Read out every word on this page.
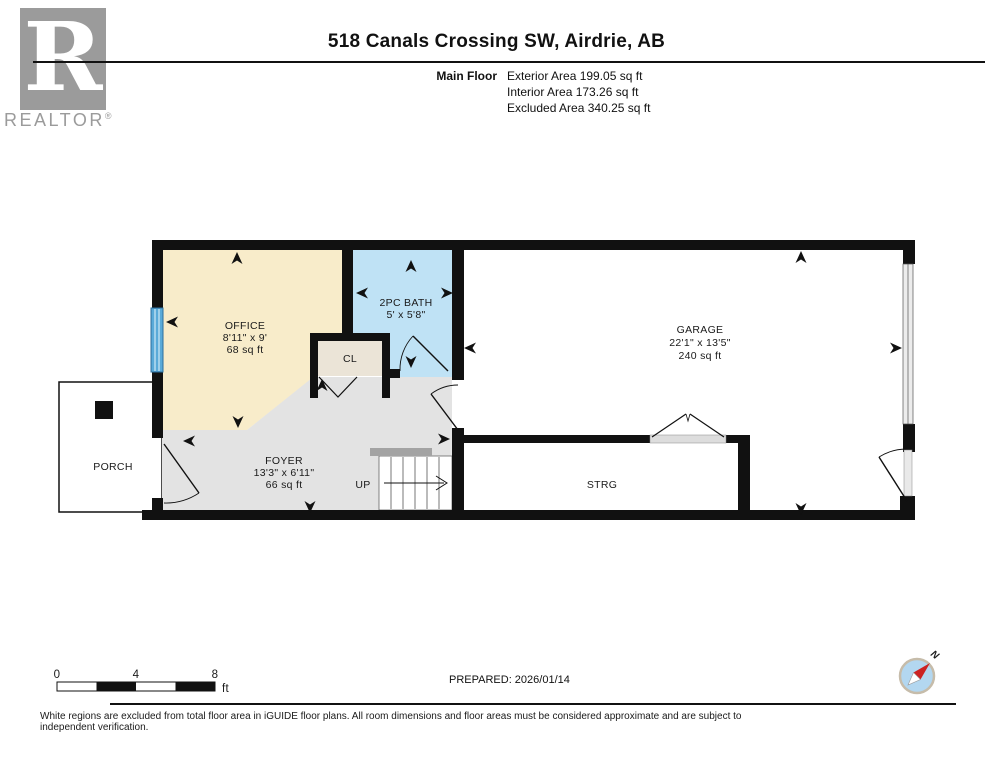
OFFICE
8'11" x 9'
68 sq ft
2PC BATH
5' x 5'8"
CL
GARAGE
22'1" x 13'5"
240 sq ft
FOYER
13'3" x 6'11"
66 sq ft	STRG
PORCH
UP
0	4	8
ft
N
R
REALTOR®
518 Canals Crossing SW, Airdrie, AB
Main Floor Exterior Area 199.05 sq ft
Interior Area 173.26 sq ft
Excluded Area 340.25 sq ft
PREPARED: 2026/01/14
White regions are excluded from total floor area in iGUIDE floor plans. All room dimensions and floor areas must be considered approximate and are subject to independent verification.
